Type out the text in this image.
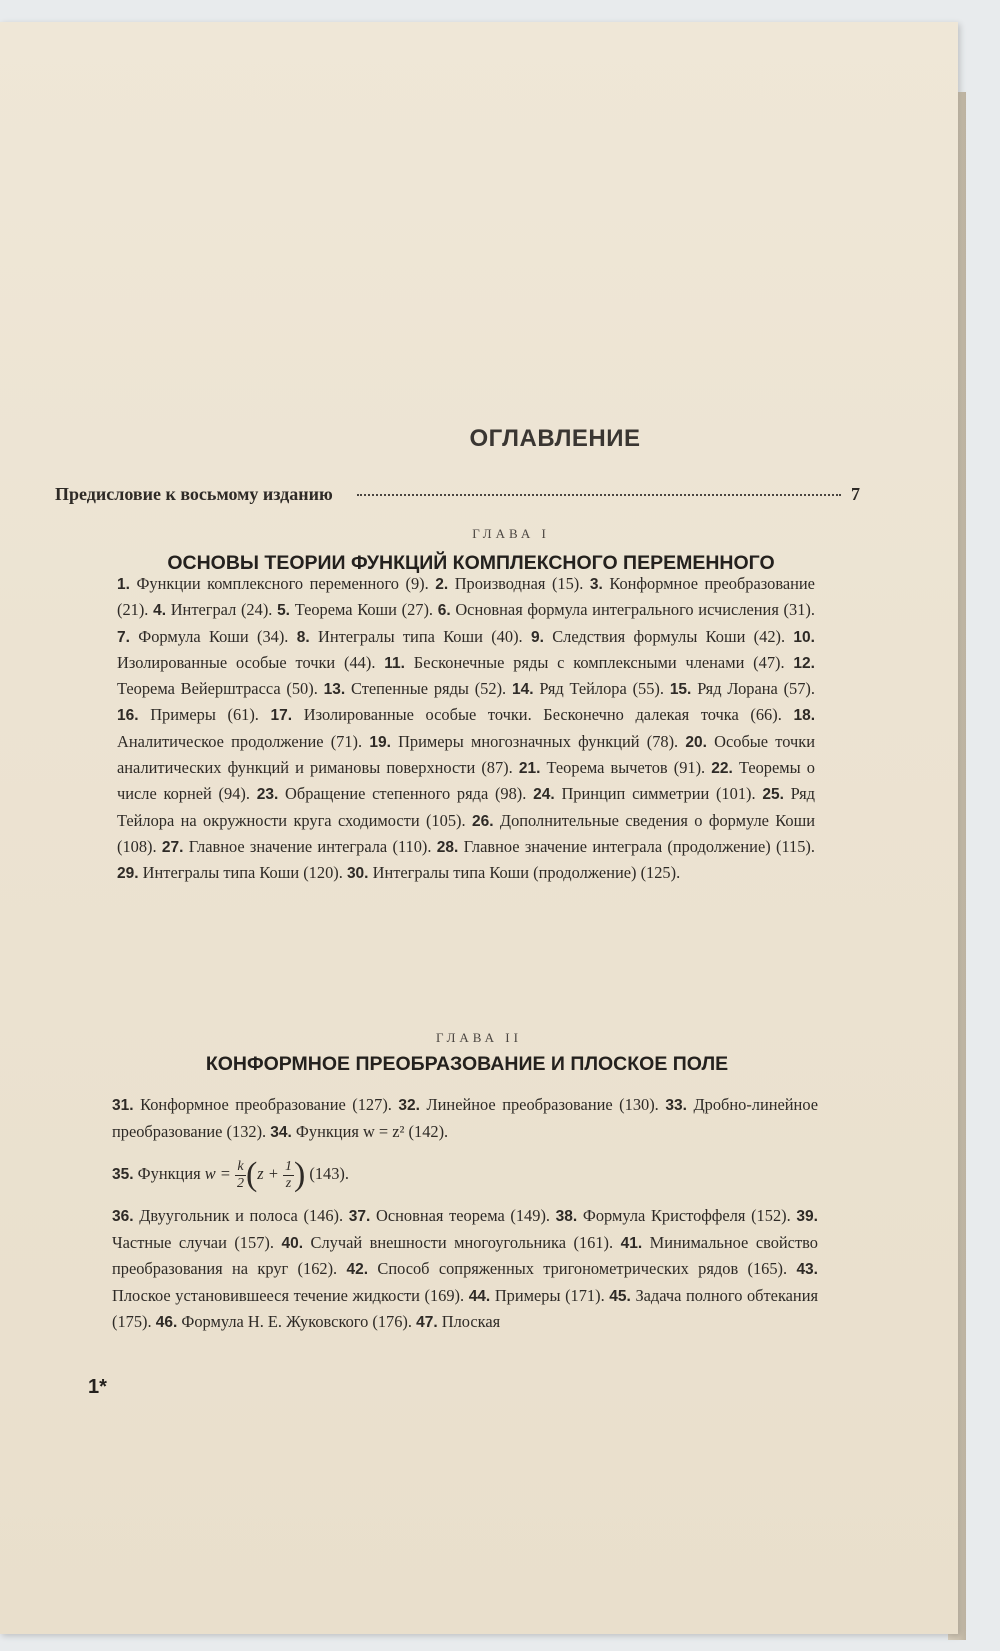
ОГЛАВЛЕНИЕ
Предисловие к восьмому изданию	7
ГЛАВА I
ОСНОВЫ ТЕОРИИ ФУНКЦИЙ КОМПЛЕКСНОГО ПЕРЕМЕННОГО
1. Функции комплексного переменного (9). 2. Производная (15). 3. Конформное преобразование (21). 4. Интеграл (24). 5. Теорема Коши (27). 6. Основная формула интегрального исчисления (31). 7. Формула Коши (34). 8. Интегралы типа Коши (40). 9. Следствия формулы Коши (42). 10. Изолированные особые точки (44). 11. Бесконечные ряды с комплексными членами (47). 12. Теорема Вейерштрасса (50). 13. Степенные ряды (52). 14. Ряд Тейлора (55). 15. Ряд Лорана (57). 16. Примеры (61). 17. Изолированные особые точки. Бесконечно далекая точка (66). 18. Аналитическое продолжение (71). 19. Примеры многозначных функций (78). 20. Особые точки аналитических функций и римановы поверхности (87). 21. Теорема вычетов (91). 22. Теоремы о числе корней (94). 23. Обращение степенного ряда (98). 24. Принцип симметрии (101). 25. Ряд Тейлора на окружности круга сходимости (105). 26. Дополнительные сведения о формуле Коши (108). 27. Главное значение интеграла (110). 28. Главное значение интеграла (продолжение) (115). 29. Интегралы типа Коши (120). 30. Интегралы типа Коши (продолжение) (125).
ГЛАВА II
КОНФОРМНОЕ ПРЕОБРАЗОВАНИЕ И ПЛОСКОЕ ПОЛЕ
31. Конформное преобразование (127). 32. Линейное преобразование (130). 33. Дробно-линейное преобразование (132). 34. Функция w = z² (142).
35. Функция $w = \frac{k}{2} (z + \frac{1}{z}$ ) (143).
36. Двуугольник и полоса (146). 37. Основная теорема (149). 38. Формула Кристоффеля (152). 39. Частные случаи (157). 40. Случай внешности многоугольника (161). 41. Минимальное свойство преобразования на круг (162). 42. Способ сопряженных тригонометрических рядов (165). 43. Плоское установившееся течение жидкости (169). 44. Примеры (171). 45. Задача полного обтекания (175). 46. Формула Н. Е. Жуковского (176). 47. Плоская
1*
